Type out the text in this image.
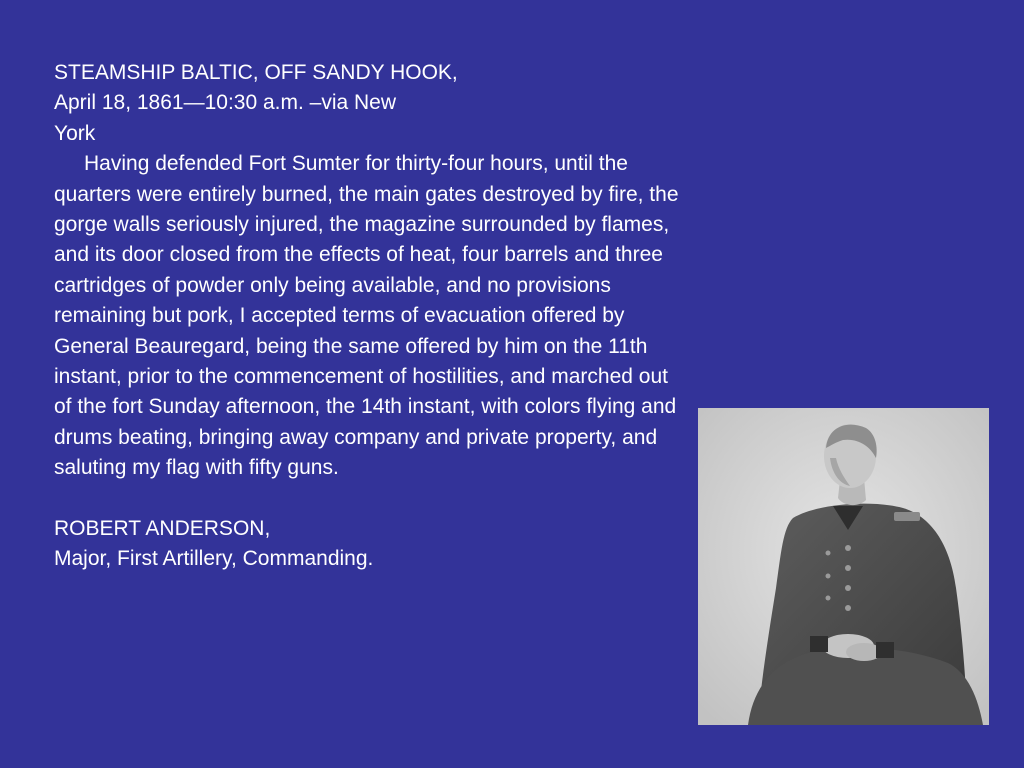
STEAMSHIP BALTIC, OFF SANDY HOOK,
April 18, 1861—10:30 a.m. –via New
York

Having defended Fort Sumter for thirty-four hours, until the quarters were entirely burned, the main gates destroyed by fire, the gorge walls seriously injured, the magazine surrounded by flames, and its door closed from the effects of heat, four barrels and three cartridges of powder only being available, and no provisions remaining but pork, I accepted terms of evacuation offered by General Beauregard, being the same offered by him on the 11th instant, prior to the commencement of hostilities, and marched out of the fort Sunday afternoon, the 14th instant, with colors flying and drums beating, bringing away company and private property, and saluting my flag with fifty guns.

ROBERT ANDERSON,
Major, First Artillery, Commanding.
